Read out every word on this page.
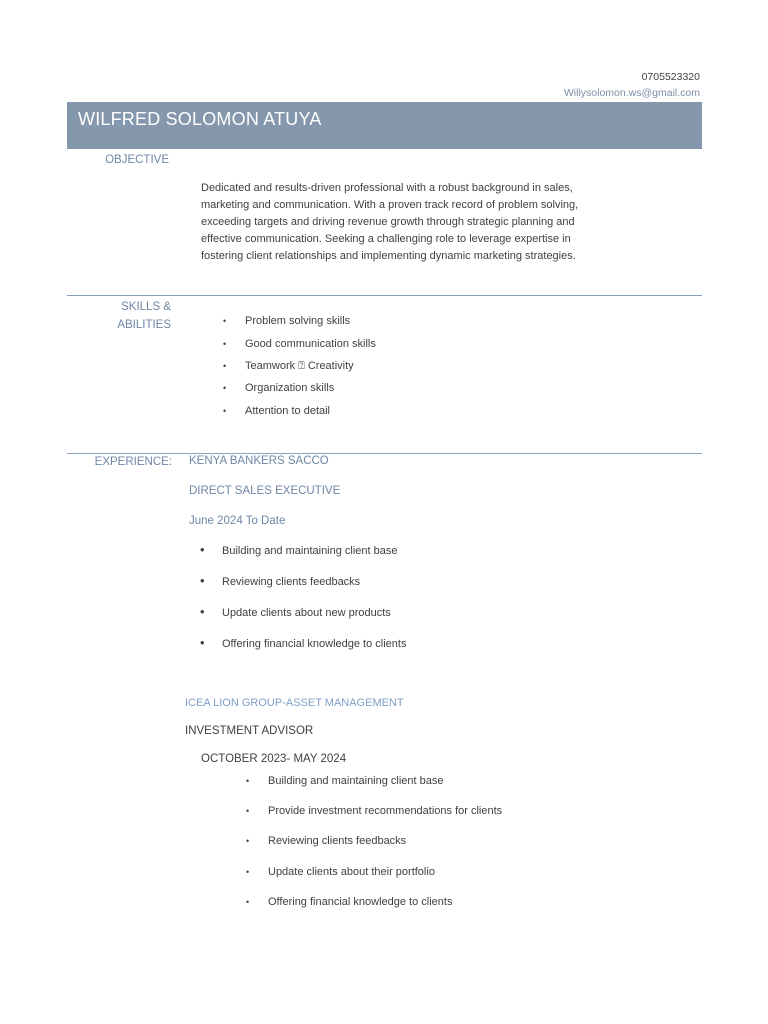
0705523320
Willysolomon.ws@gmail.com
WILFRED SOLOMON ATUYA
OBJECTIVE
Dedicated and results-driven professional with a robust background in sales, marketing and communication. With a proven track record of problem solving, exceeding targets and driving revenue growth through strategic planning and effective communication. Seeking a challenging role to leverage expertise in fostering client relationships and implementing dynamic marketing strategies.
SKILLS &
ABILITIES	• Problem solving skills
• Good communication skills
• Teamwork ⍰ Creativity
• Organization skills
• Attention to detail
EXPERIENCE: KENYA BANKERS SACCO
DIRECT SALES EXECUTIVE
June 2024 To Date
• Building and maintaining client base
• Reviewing clients feedbacks
• Update clients about new products
• Offering financial knowledge to clients
ICEA LION GROUP-ASSET MANAGEMENT
INVESTMENT ADVISOR
OCTOBER 2023- MAY 2024
• Building and maintaining client base
• Provide investment recommendations for clients
• Reviewing clients feedbacks
• Update clients about their portfolio
• Offering financial knowledge to clients
